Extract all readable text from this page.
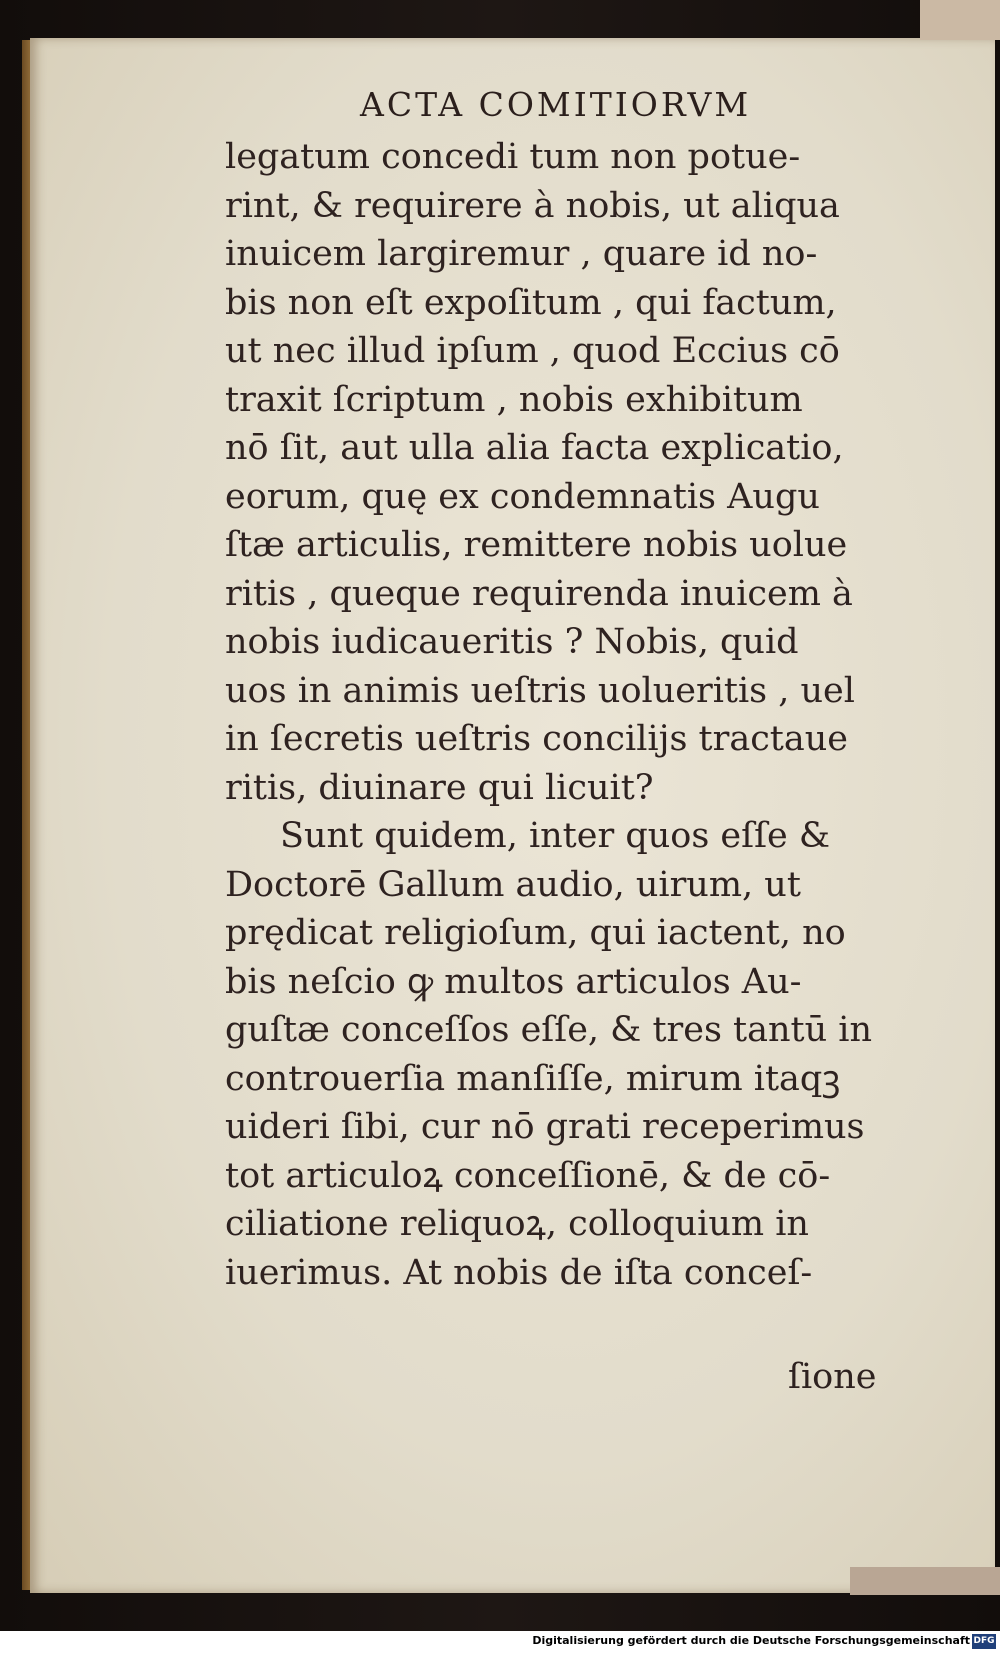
ACTA COMITIORVM
legatum concedi tum non potue-
rint, & requirere à nobis, ut aliqua
inuicem largiremur , quare id no-
bis non eſt expoſitum , qui factum,
ut nec illud ipſum , quod Eccius cō
traxit ſcriptum , nobis exhibitum
nō ſit, aut ulla alia facta explicatio,
eorum, quę ex condemnatis Augu
ſtæ articulis, remittere nobis uolue
ritis , queque requirenda inuicem à
nobis iudicaueritis ? Nobis, quid
uos in animis ueſtris uolueritis , uel
in ſecretis ueſtris concilijs tractaue
ritis, diuinare qui licuit?
Sunt quidem, inter quos eſſe &
Doctorē Gallum audio, uirum, ut
prędicat religioſum, qui iactent, no
bis neſcio ꝙ multos articulos Au-
guſtæ conceſſos eſſe, & tres tantū in
controuerſia manſiſſe, mirum itaqꝫ
uideri ſibi, cur nō grati receperimus
tot articuloꝝ conceſſionē, & de cō-
ciliatione reliquoꝝ, colloquium in
iuerimus. At nobis de iſta conceſ-
ſione
Digitalisierung gefördert durch die Deutsche Forschungsgemeinschaft DFG
